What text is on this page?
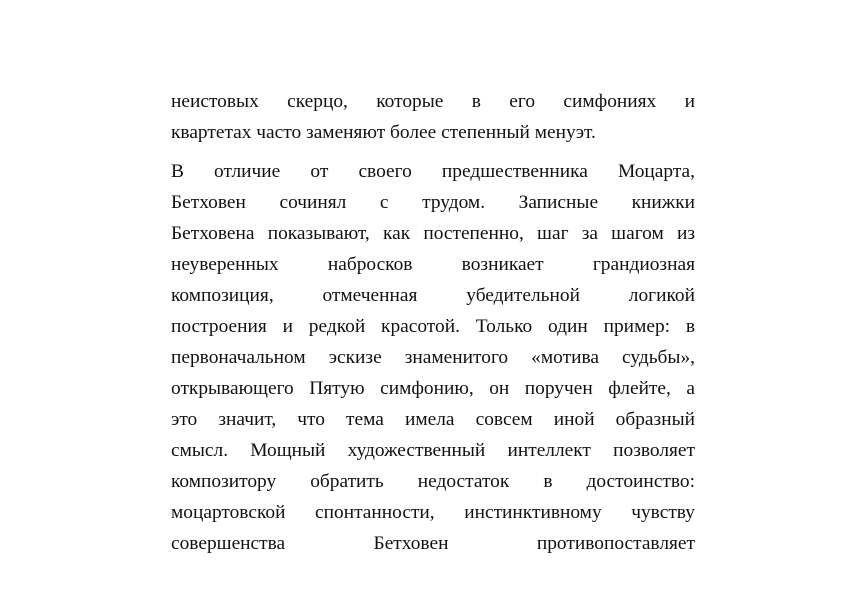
неистовых скерцо, которые в его симфониях и
квартетах часто заменяют более степенный менуэт.
В отличие от своего предшественника Моцарта,
Бетховен сочинял с трудом. Записные книжки
Бетховена показывают, как постепенно, шаг за шагом из
неуверенных набросков возникает грандиозная
композиция, отмеченная убедительной логикой
построения и редкой красотой. Только один пример: в
первоначальном эскизе знаменитого «мотива судьбы»,
открывающего Пятую симфонию, он поручен флейте, а
это значит, что тема имела совсем иной образный
смысл. Мощный художественный интеллект позволяет
композитору обратить недостаток в достоинство:
моцартовской спонтанности, инстинктивному чувству
совершенства Бетховен противопоставляет
